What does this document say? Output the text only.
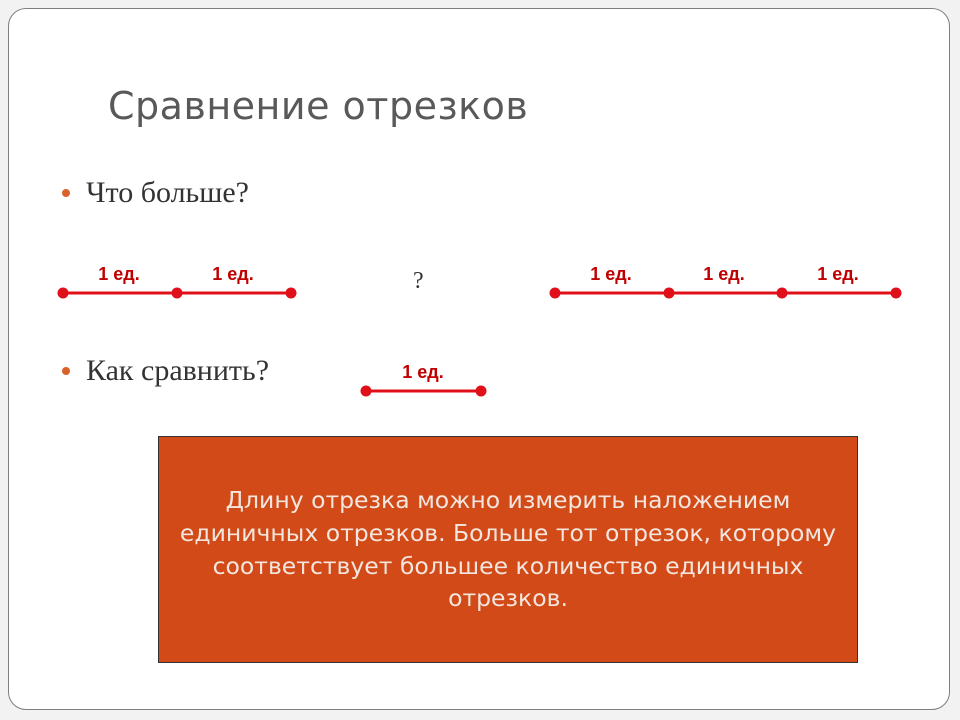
Сравнение отрезков
Что больше?
Как сравнить?
?
1 ед.	1 ед.	1 ед.	1 ед.	1 ед.
1 ед.
Длину отрезка можно измерить наложением единичных отрезков. Больше тот отрезок, которому соответствует большее количество единичных отрезков.
